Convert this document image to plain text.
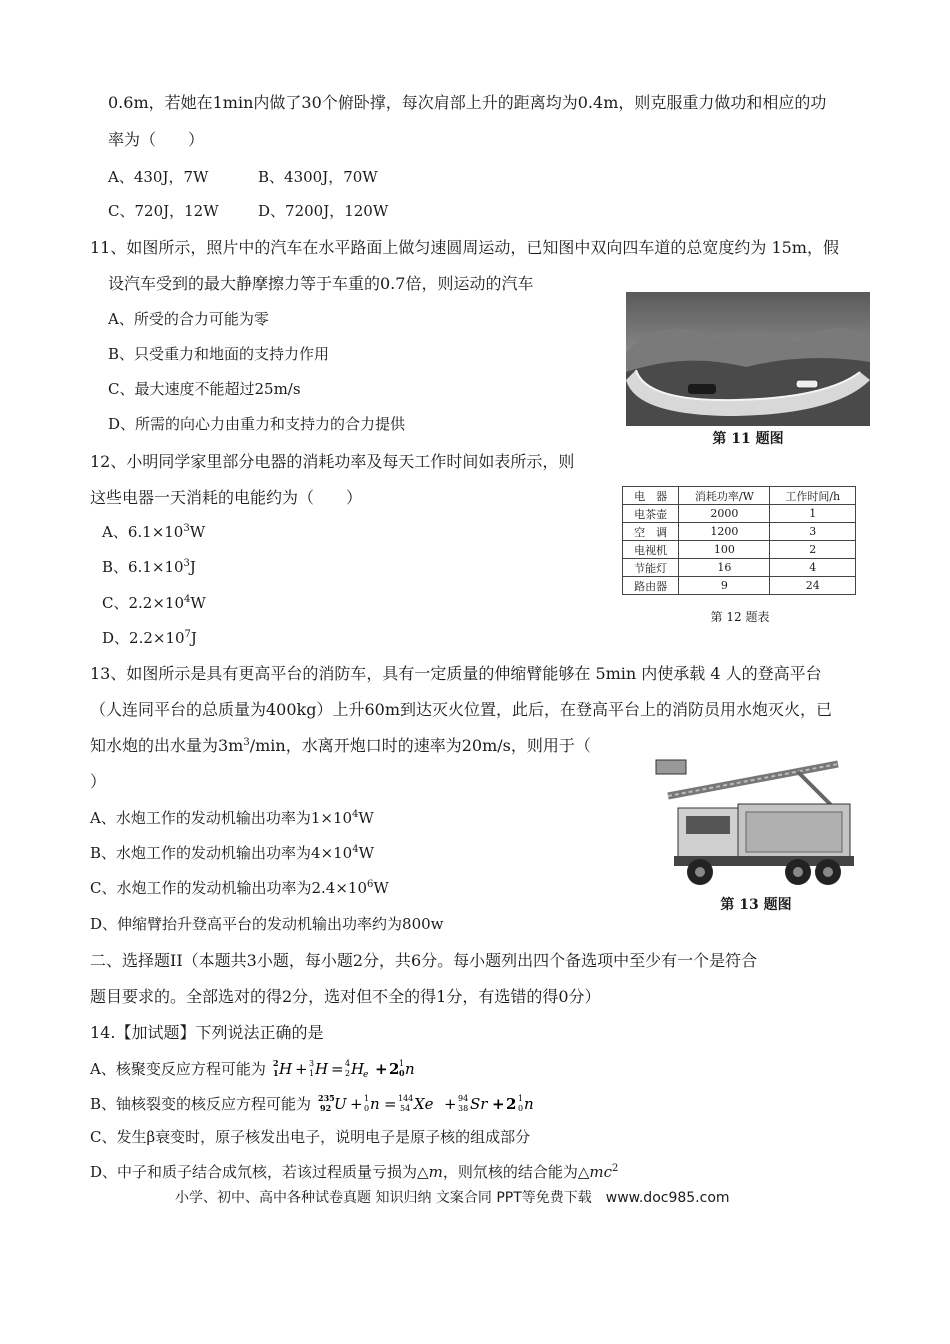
0.6m，若她在1min内做了30个俯卧撑，每次肩部上升的距离均为0.4m，则克服重力做功和相应的功
率为（　　）
A、430J，7W	B、4300J，70W
C、720J，12W	D、7200J，120W
11、如图所示，照片中的汽车在水平路面上做匀速圆周运动，已知图中双向四车道的总宽度约为 15m，假
设汽车受到的最大静摩擦力等于车重的0.7倍，则运动的汽车
A、所受的合力可能为零
B、只受重力和地面的支持力作用
C、最大速度不能超过25m/s
D、所需的向心力由重力和支持力的合力提供
第 11 题图
12、小明同学家里部分电器的消耗功率及每天工作时间如表所示，则
这些电器一天消耗的电能约为（　　）
A、$6.1\times 10^3W$
B、$6.1\times 10^3J$
C、$2.2\times 10^4W$
D、$2.2\times 10^7J$
电　器	消耗功率/W	工作时间/h
电茶壶	2000	1
空　调	1200	3
电视机	100	2
节能灯	16	4
路由器	9	24
第 12 题表
13、如图所示是具有更高平台的消防车，具有一定质量的伸缩臂能够在 5min 内使承载 4 人的登高平台
（人连同平台的总质量为400kg）上升60m到达灭火位置，此后，在登高平台上的消防员用水炮灭火，已
知水炮的出水量为$3m^3/\min$，水离开炮口时的速率为20m/s，则用于（
）
A、水炮工作的发动机输出功率为$1\times 10^4W$
B、水炮工作的发动机输出功率为$4\times 10^4W$
C、水炮工作的发动机输出功率为$2.4\times 10^6W$
D、伸缩臂抬升登高平台的发动机输出功率约为800w
第 13 题图
二、选择题II（本题共3小题，每小题2分，共6分。每小题列出四个备选项中至少有一个是符合
题目要求的。全部选对的得2分，选对但不全的得1分，有选错的得0分）
14.【加试题】下列说法正确的是
A、核聚变反应方程可能为 2
1 H + 3
1 H = 4
2 H
e + 2 1
0 n
B、铀核裂变的核反应方程可能为 235
92 U + 1
0 n = 144
54 Xe + 94
38 Sr + 2 1
0 n
C、发生β衰变时，原子核发出电子，说明电子是原子核的组成部分
D、中子和质子结合成氘核，若该过程质量亏损为△m，则氘核的结合能为$\triangle mc^2$
小学、初中、高中各种试卷真题 知识归纳 文案合同 PPT等免费下载　www.doc985.com
